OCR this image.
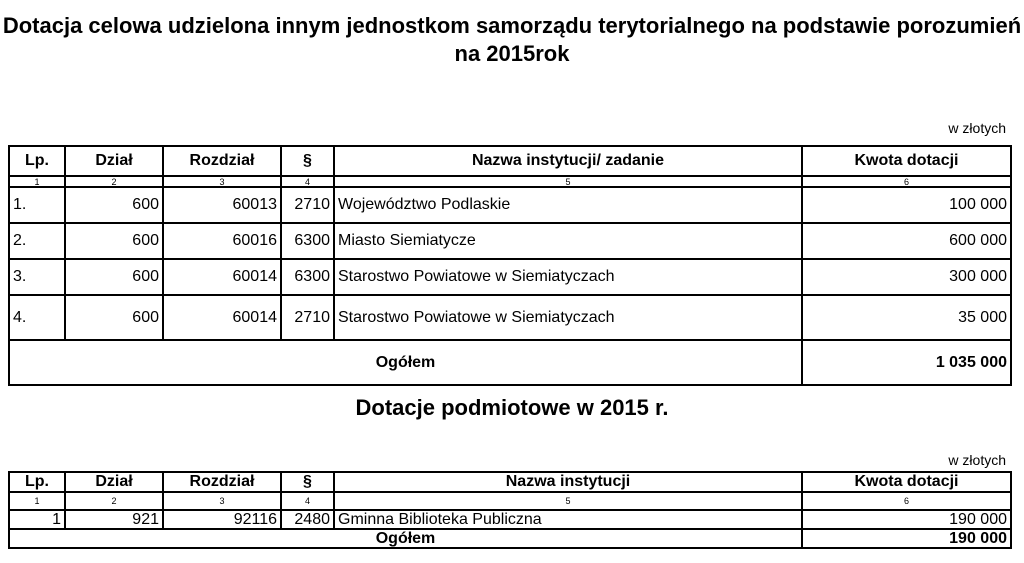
Dotacja celowa udzielona innym jednostkom samorządu terytorialnego na podstawie porozumień na 2015rok
w złotych
Lp.	Dział	Rozdział	§	Nazwa instytucji/ zadanie	Kwota dotacji
1	2	3	4	5	6
1.	600	60013	2710	Województwo Podlaskie	100 000
2.	600	60016	6300	Miasto Siemiatycze	600 000
3.	600	60014	6300	Starostwo Powiatowe w Siemiatyczach	300 000
4.	600	60014	2710	Starostwo Powiatowe w Siemiatyczach	35 000
Ogółem					1 035 000
Dotacje podmiotowe w 2015 r.
w złotych
Lp.	Dział	Rozdział	§	Nazwa instytucji	Kwota dotacji
1	2	3	4	5	6
1	921	92116	2480	Gminna Biblioteka Publiczna	190 000
Ogółem					190 000
